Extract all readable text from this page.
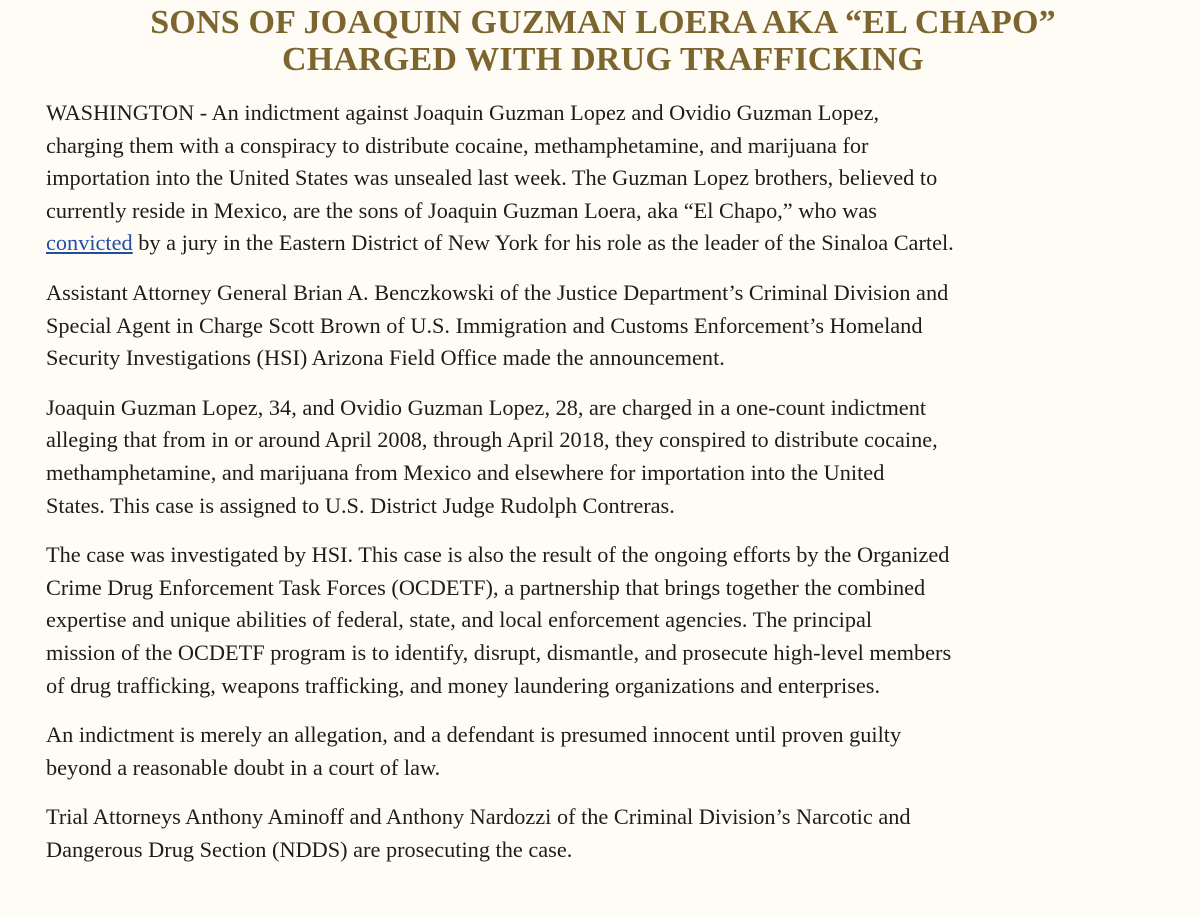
SONS OF JOAQUIN GUZMAN LOERA AKA “EL CHAPO”
CHARGED WITH DRUG TRAFFICKING

WASHINGTON - An indictment against Joaquin Guzman Lopez and Ovidio Guzman Lopez,
charging them with a conspiracy to distribute cocaine, methamphetamine, and marijuana for
importation into the United States was unsealed last week. The Guzman Lopez brothers, believed to
currently reside in Mexico, are the sons of Joaquin Guzman Loera, aka “El Chapo,” who was
convicted by a jury in the Eastern District of New York for his role as the leader of the Sinaloa Cartel.

Assistant Attorney General Brian A. Benczkowski of the Justice Department’s Criminal Division and
Special Agent in Charge Scott Brown of U.S. Immigration and Customs Enforcement’s Homeland
Security Investigations (HSI) Arizona Field Office made the announcement.

Joaquin Guzman Lopez, 34, and Ovidio Guzman Lopez, 28, are charged in a one-count indictment
alleging that from in or around April 2008, through April 2018, they conspired to distribute cocaine,
methamphetamine, and marijuana from Mexico and elsewhere for importation into the United
States. This case is assigned to U.S. District Judge Rudolph Contreras.

The case was investigated by HSI. This case is also the result of the ongoing efforts by the Organized
Crime Drug Enforcement Task Forces (OCDETF), a partnership that brings together the combined
expertise and unique abilities of federal, state, and local enforcement agencies. The principal
mission of the OCDETF program is to identify, disrupt, dismantle, and prosecute high-level members
of drug trafficking, weapons trafficking, and money laundering organizations and enterprises.

An indictment is merely an allegation, and a defendant is presumed innocent until proven guilty
beyond a reasonable doubt in a court of law.

Trial Attorneys Anthony Aminoff and Anthony Nardozzi of the Criminal Division’s Narcotic and
Dangerous Drug Section (NDDS) are prosecuting the case.
